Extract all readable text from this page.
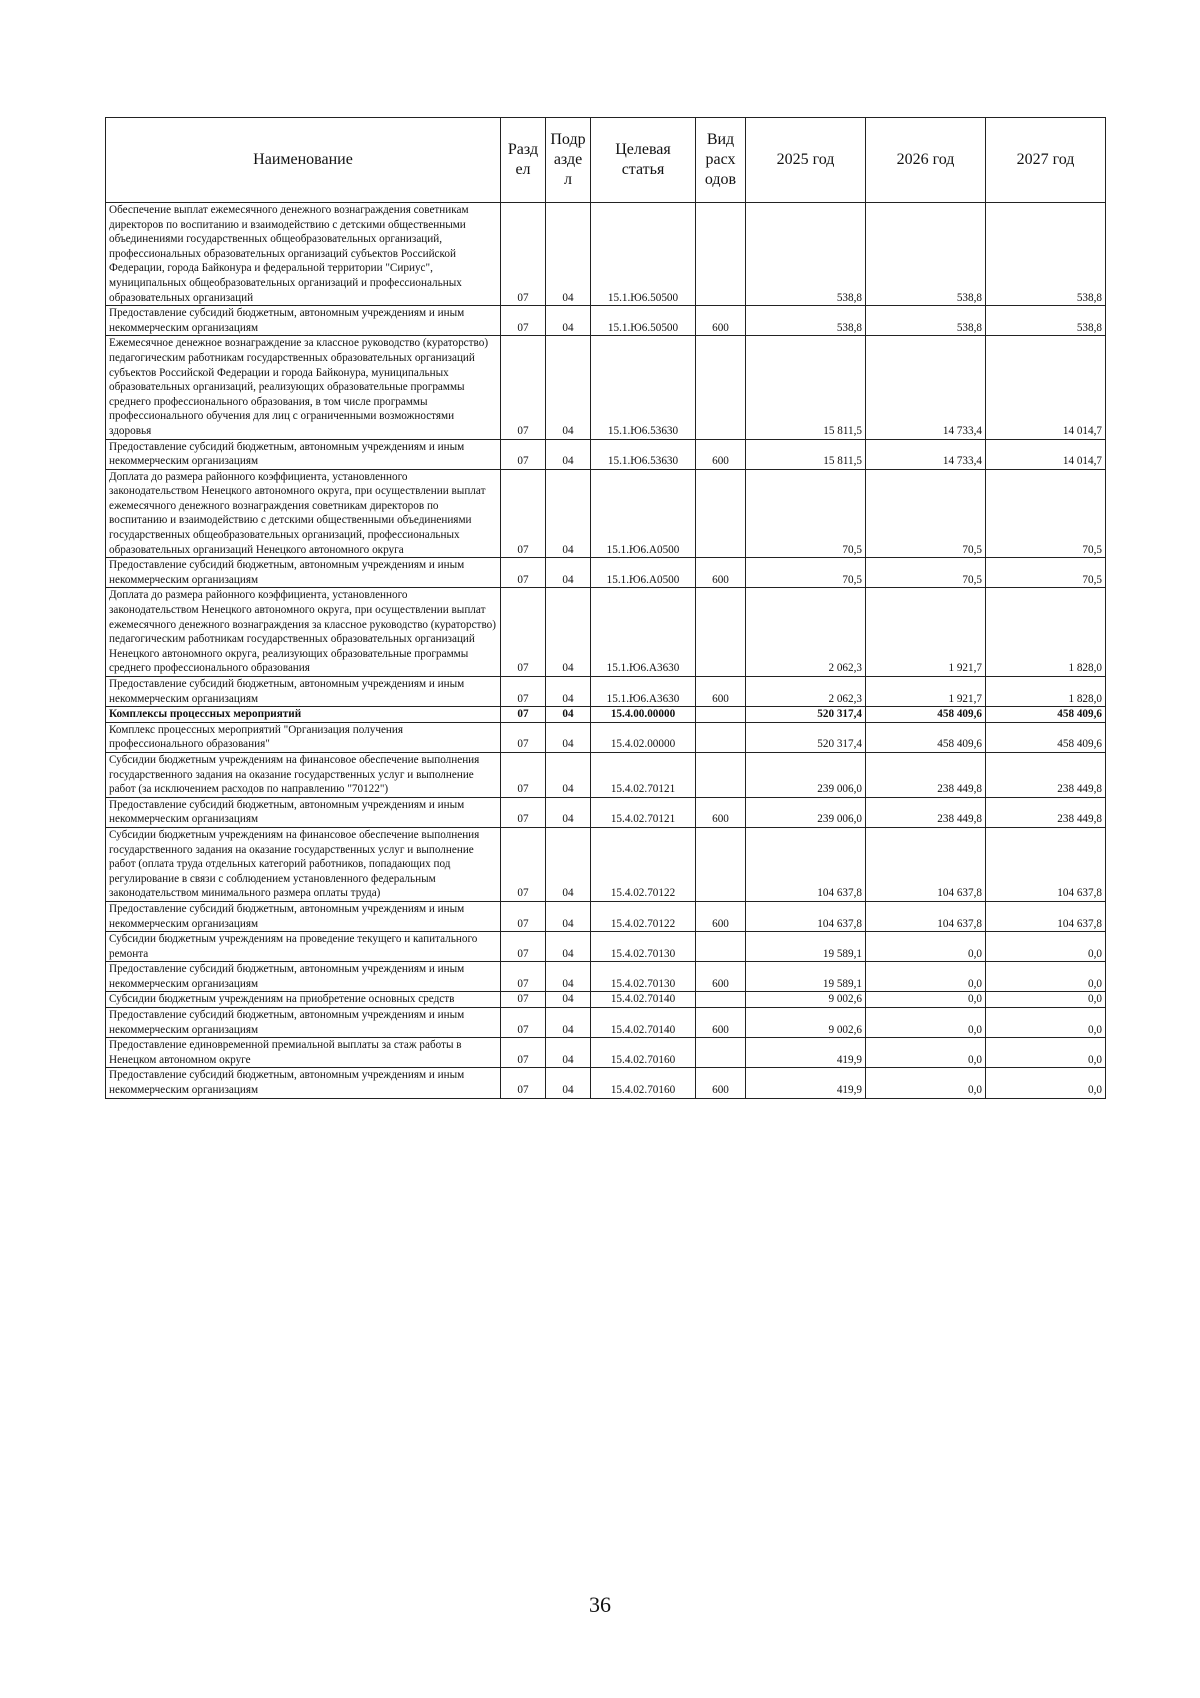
Наименование	Разд ел	Подр азде л	Целевая статья	Вид расх одов	2025 год	2026 год	2027 год
Обеспечение выплат ежемесячного денежного вознаграждения советникам директоров по воспитанию и взаимодействию с детскими общественными объединениями государственных общеобразовательных организаций, профессиональных образовательных организаций субъектов Российской Федерации, города Байконура и федеральной территории "Сириус", муниципальных общеобразовательных организаций и профессиональных образовательных организаций	07	04	15.1.Ю6.50500		538,8	538,8	538,8
Предоставление субсидий бюджетным, автономным учреждениям и иным некоммерческим организациям	07	04	15.1.Ю6.50500	600	538,8	538,8	538,8
Ежемесячное денежное вознаграждение за классное руководство (кураторство) педагогическим работникам государственных образовательных организаций субъектов Российской Федерации и города Байконура, муниципальных образовательных организаций, реализующих образовательные программы среднего профессионального образования, в том числе программы профессионального обучения для лиц с ограниченными возможностями здоровья	07	04	15.1.Ю6.53630		15 811,5	14 733,4	14 014,7
Предоставление субсидий бюджетным, автономным учреждениям и иным некоммерческим организациям	07	04	15.1.Ю6.53630	600	15 811,5	14 733,4	14 014,7
Доплата до размера районного коэффициента, установленного законодательством Ненецкого автономного округа, при осуществлении выплат ежемесячного денежного вознаграждения советникам директоров по воспитанию и взаимодействию с детскими общественными объединениями государственных общеобразовательных организаций, профессиональных образовательных организаций Ненецкого автономного округа	07	04	15.1.Ю6.А0500		70,5	70,5	70,5
Предоставление субсидий бюджетным, автономным учреждениям и иным некоммерческим организациям	07	04	15.1.Ю6.А0500	600	70,5	70,5	70,5
Доплата до размера районного коэффициента, установленного законодательством Ненецкого автономного округа, при осуществлении выплат ежемесячного денежного вознаграждения за классное руководство (кураторство) педагогическим работникам государственных образовательных организаций Ненецкого автономного округа, реализующих образовательные программы среднего профессионального образования	07	04	15.1.Ю6.А3630		2 062,3	1 921,7	1 828,0
Предоставление субсидий бюджетным, автономным учреждениям и иным некоммерческим организациям	07	04	15.1.Ю6.А3630	600	2 062,3	1 921,7	1 828,0
Комплексы процессных мероприятий	07	04	15.4.00.00000		520 317,4	458 409,6	458 409,6
Комплекс процессных мероприятий "Организация получения профессионального образования"	07	04	15.4.02.00000		520 317,4	458 409,6	458 409,6
Субсидии бюджетным учреждениям на финансовое обеспечение выполнения государственного задания на оказание государственных услуг и выполнение работ (за исключением расходов по направлению "70122")	07	04	15.4.02.70121		239 006,0	238 449,8	238 449,8
Предоставление субсидий бюджетным, автономным учреждениям и иным некоммерческим организациям	07	04	15.4.02.70121	600	239 006,0	238 449,8	238 449,8
Субсидии бюджетным учреждениям на финансовое обеспечение выполнения государственного задания на оказание государственных услуг и выполнение работ (оплата труда отдельных категорий работников, попадающих под регулирование в связи с соблюдением установленного федеральным законодательством минимального размера оплаты труда)	07	04	15.4.02.70122		104 637,8	104 637,8	104 637,8
Предоставление субсидий бюджетным, автономным учреждениям и иным некоммерческим организациям	07	04	15.4.02.70122	600	104 637,8	104 637,8	104 637,8
Субсидии бюджетным учреждениям на проведение текущего и капитального ремонта	07	04	15.4.02.70130		19 589,1	0,0	0,0
Предоставление субсидий бюджетным, автономным учреждениям и иным некоммерческим организациям	07	04	15.4.02.70130	600	19 589,1	0,0	0,0
Субсидии бюджетным учреждениям на приобретение основных средств	07	04	15.4.02.70140		9 002,6	0,0	0,0
Предоставление субсидий бюджетным, автономным учреждениям и иным некоммерческим организациям	07	04	15.4.02.70140	600	9 002,6	0,0	0,0
Предоставление единовременной премиальной выплаты за стаж работы в Ненецком автономном округе	07	04	15.4.02.70160		419,9	0,0	0,0
Предоставление субсидий бюджетным, автономным учреждениям и иным некоммерческим организациям	07	04	15.4.02.70160	600	419,9	0,0	0,0
36
